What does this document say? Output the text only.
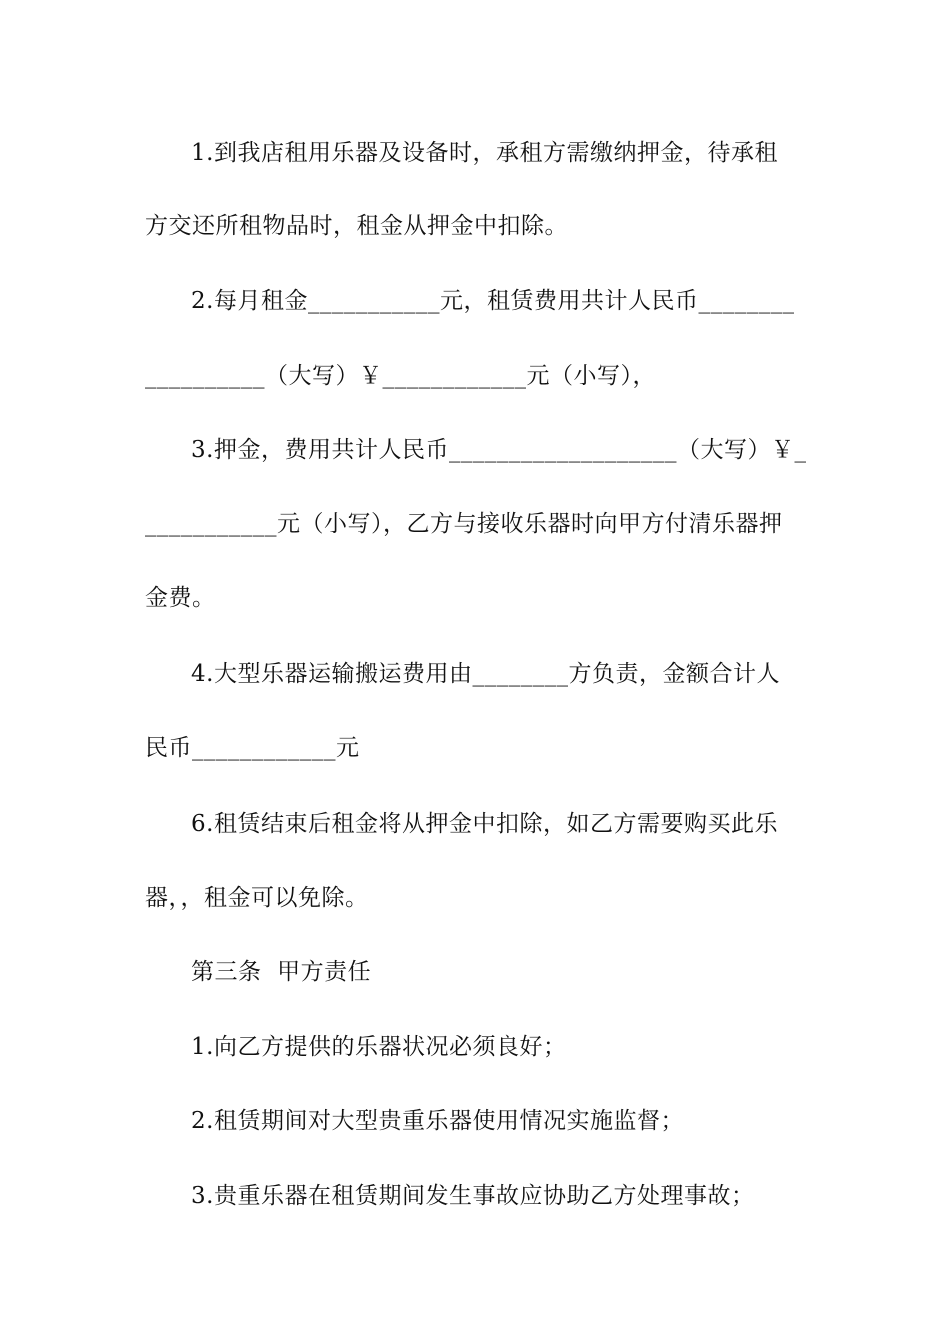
1.到我店租用乐器及设备时，承租方需缴纳押金，待承租
方交还所租物品时，租金从押金中扣除。
2.每月租金___________元，租赁费用共计人民币________
__________（大写）￥____________元（小写），
3.押金，费用共计人民币___________________（大写）￥_
___________元（小写），乙方与接收乐器时向甲方付清乐器押
金费。
4.大型乐器运输搬运费用由________方负责，金额合计人
民币____________元
6.租赁结束后租金将从押金中扣除，如乙方需要购买此乐
器，，租金可以免除。
第三条  甲方责任
1.向乙方提供的乐器状况必须良好；
2.租赁期间对大型贵重乐器使用情况实施监督；
3.贵重乐器在租赁期间发生事故应协助乙方处理事故；
